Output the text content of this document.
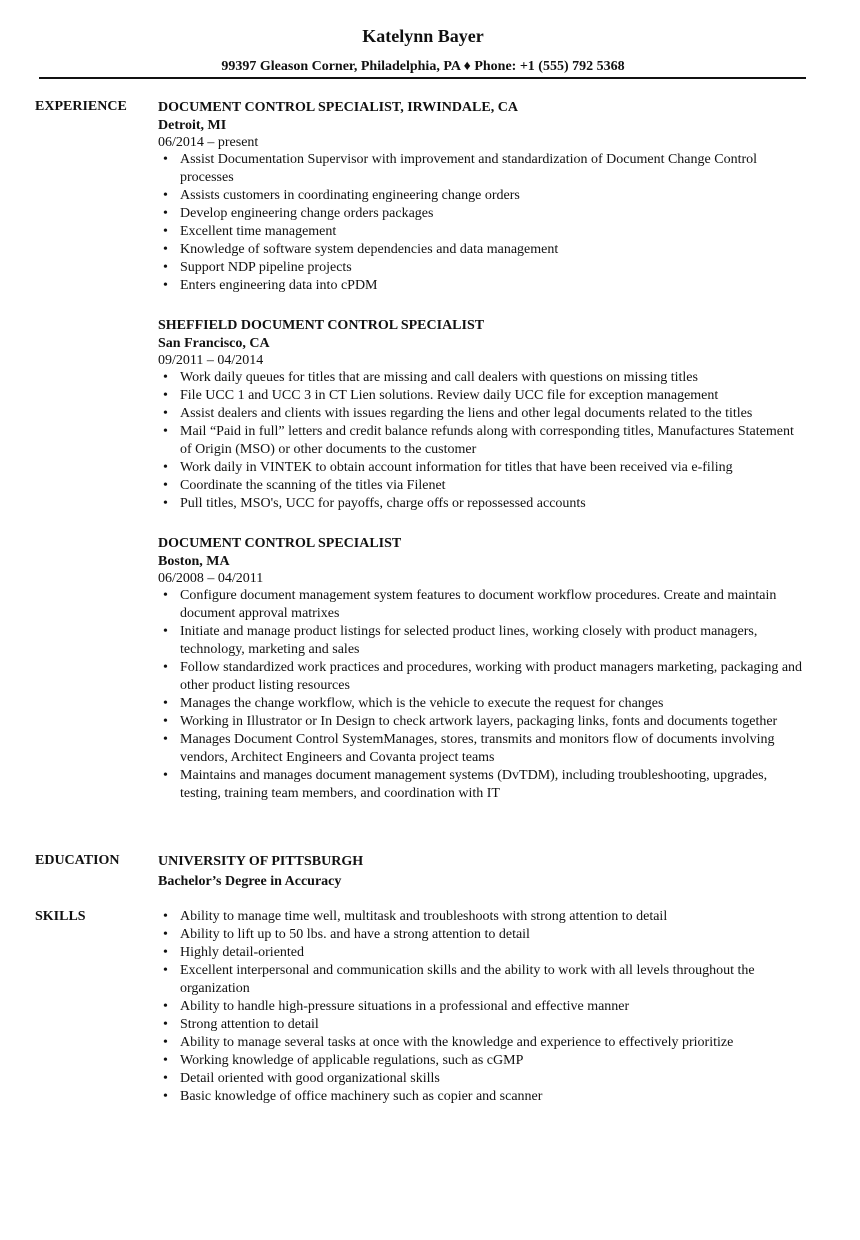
Katelynn Bayer
99397 Gleason Corner, Philadelphia, PA ♦ Phone: +1 (555) 792 5368
EXPERIENCE DOCUMENT CONTROL SPECIALIST, IRWINDALE, CA
Detroit, MI
06/2014 – present
• Assist Documentation Supervisor with improvement and standardization of Document Change Control processes
• Assists customers in coordinating engineering change orders
• Develop engineering change orders packages
• Excellent time management
• Knowledge of software system dependencies and data management
• Support NDP pipeline projects
• Enters engineering data into cPDM
SHEFFIELD DOCUMENT CONTROL SPECIALIST
San Francisco, CA
09/2011 – 04/2014
• Work daily queues for titles that are missing and call dealers with questions on missing titles
• File UCC 1 and UCC 3 in CT Lien solutions. Review daily UCC file for exception management
• Assist dealers and clients with issues regarding the liens and other legal documents related to the titles
• Mail “Paid in full” letters and credit balance refunds along with corresponding titles, Manufactures Statement of Origin (MSO) or other documents to the customer
• Work daily in VINTEK to obtain account information for titles that have been received via e-filing
• Coordinate the scanning of the titles via Filenet
• Pull titles, MSO's, UCC for payoffs, charge offs or repossessed accounts
DOCUMENT CONTROL SPECIALIST
Boston, MA
06/2008 – 04/2011
• Configure document management system features to document workflow procedures. Create and maintain document approval matrixes
• Initiate and manage product listings for selected product lines, working closely with product managers, technology, marketing and sales
• Follow standardized work practices and procedures, working with product managers marketing, packaging and other product listing resources
• Manages the change workflow, which is the vehicle to execute the request for changes
• Working in Illustrator or In Design to check artwork layers, packaging links, fonts and documents together
• Manages Document Control SystemManages, stores, transmits and monitors flow of documents involving vendors, Architect Engineers and Covanta project teams
• Maintains and manages document management systems (DvTDM), including troubleshooting, upgrades, testing, training team members, and coordination with IT
EDUCATION	UNIVERSITY OF PITTSBURGH
Bachelor’s Degree in Accuracy
SKILLS
•	Ability to manage time well, multitask and troubleshoots with strong attention to detail
• Ability to lift up to 50 lbs. and have a strong attention to detail
• Highly detail-oriented
• Excellent interpersonal and communication skills and the ability to work with all levels throughout the organization
• Ability to handle high-pressure situations in a professional and effective manner
• Strong attention to detail
• Ability to manage several tasks at once with the knowledge and experience to effectively prioritize
• Working knowledge of applicable regulations, such as cGMP
• Detail oriented with good organizational skills
• Basic knowledge of office machinery such as copier and scanner
